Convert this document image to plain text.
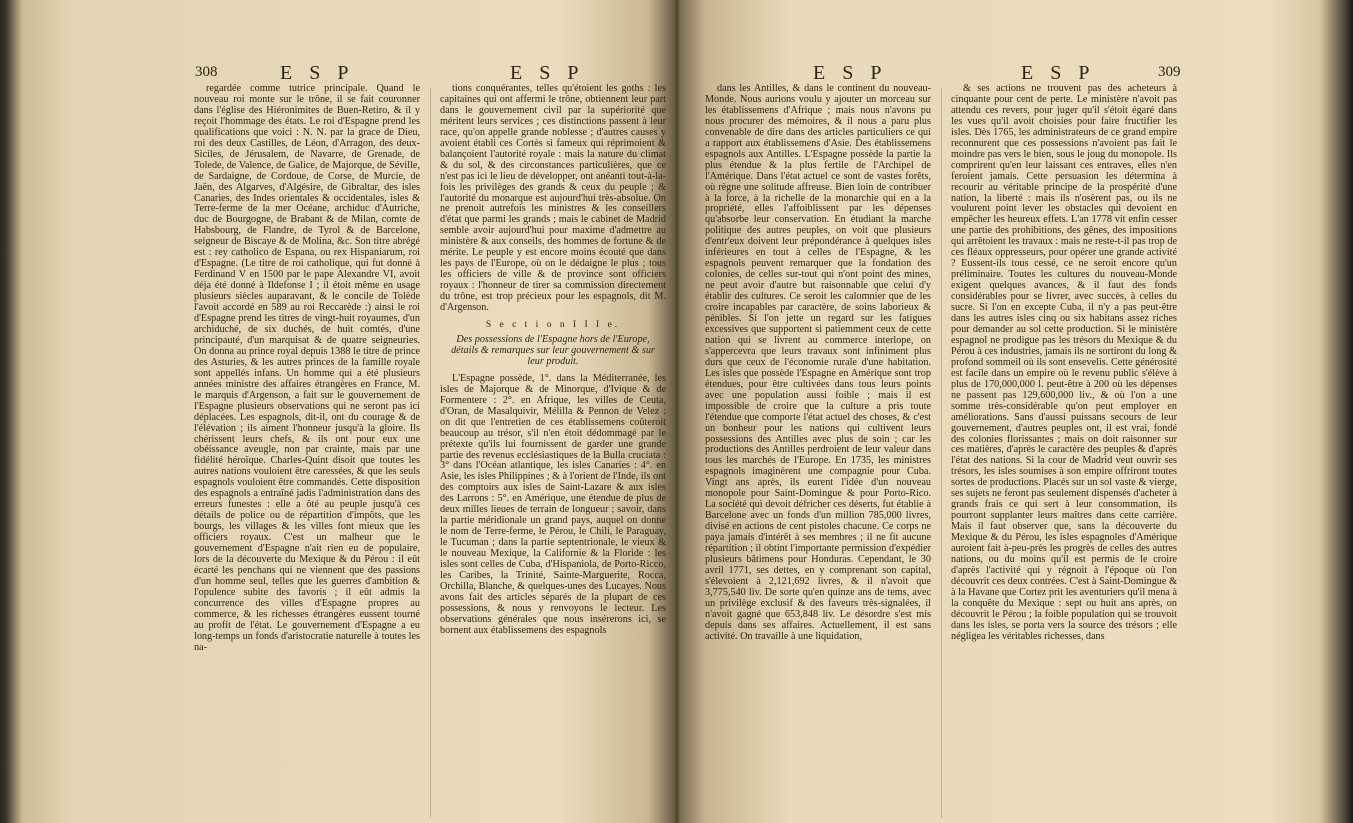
308	E S P	E S P

regardée comme tutrice principale. Quand le nouveau roi monte sur le trône, il se fait couronner dans l'église des Hiéronimites de Buen-Retiro, & il y reçoit l'hommage des états. Le roi d'Espagne prend les qualifications que voici : N. N. par la grace de Dieu, roi des deux Castilles, de Léon, d'Arragon, des deux-Siciles, de Jérusalem, de Navarre, de Grenade, de Tolede, de Valence, de Galice, de Majorque, de Séville, de Sardaigne, de Cordoue, de Corse, de Murcie, de Jaën, des Algarves, d'Algésire, de Gibraltar, des isles Canaries, des Indes orientales & occidentales, isles & Terre-ferme de la mer Océane, archiduc d'Autriche, duc de Bourgogne, de Brabant & de Milan, comte de Habsbourg, de Flandre, de Tyrol & de Barcelone, seigneur de Biscaye & de Molina, &c. Son titre abrégé est : rey catholico de Espana, ou rex Hispaniarum, roi d'Espagne. (Le titre de roi catholique, qui fut donné à Ferdinand V en 1500 par le pape Alexandre VI, avoit déja été donné à Ildefonse I ; il étoit même en usage plusieurs siècles auparavant, & le concile de Tolède l'avoit accordé en 589 au roi Reccarède :) ainsi le roi d'Espagne prend les titres de vingt-huit royaumes, d'un archiduché, de six duchés, de huit comtés, d'une principauté, d'un marquisat & de quatre seigneuries. On donna au prince royal depuis 1388 le titre de prince des Asturies, & les autres princes de la famille royale sont appellés infans. Un homme qui a été plusieurs années ministre des affaires étrangères en France, M. le marquis d'Argenson, a fait sur le gouvernement de l'Espagne plusieurs observations qui ne seront pas ici déplacées. Les espagnols, dit-il, ont du courage & de l'élévation ; ils aiment l'honneur jusqu'à la gloire. Ils chérissent leurs chefs, & ils ont pour eux une obéissance aveugle, non par crainte, mais par une fidélité héroïque. Charles-Quint disoit que toutes les autres nations vouloient être caressées, & que les seuls espagnols vouloient être commandés. Cette disposition des espagnols a entraîné jadis l'administration dans des erreurs funestes : elle a ôté au peuple jusqu'à ces détails de police ou de répartition d'impôts, que les bourgs, les villages & les villes font mieux que les officiers royaux. C'est un malheur que le gouvernement d'Espagne n'ait rien eu de populaire, lors de la découverte du Mexique & du Pérou : il eût écarté les penchans qui ne viennent que des passions d'un homme seul, telles que les guerres d'ambition & l'opulence subite des favoris ; il eût admis la concurrence des villes d'Espagne propres au commerce, & les richesses étrangères eussent tourné au profit de l'état. Le gouvernement d'Espagne a eu long-temps un fonds d'aristocratie naturelle à toutes les na-

tions conquérantes, telles qu'étoient les goths : les capitaines qui ont affermi le trône, obtiennent leur part dans le gouvernement civil par la supériorité que méritent leurs services ; ces distinctions passent à leur race, qu'on appelle grande noblesse ; d'autres causes y avoient établi ces Cortès si fameux qui réprimoient & balançoient l'autorité royale : mais la nature du climat & du sol, & des circonstances particulières, que ce n'est pas ici le lieu de développer, ont anéanti tout-à-la-fois les privilèges des grands & ceux du peuple ; & l'autorité du monarque est aujourd'hui très-absolue. On ne prenoit autrefois les ministres & les conseillers d'état que parmi les grands ; mais le cabinet de Madrid semble avoir aujourd'hui pour maxime d'admettre au ministère & aux conseils, des hommes de fortune & de mérite. Le peuple y est encore moins écouté que dans les pays de l'Europe, où on le dédaigne le plus ; tous les officiers de ville & de province sont officiers royaux : l'honneur de tirer sa commission directement du trône, est trop précieux pour les espagnols, dit M. d'Argenson.

S e c t i o n I I I e.

Des possessions de l'Espagne hors de l'Europe, détails & remarques sur leur gouvernement & sur leur produit.

L'Espagne possède, 1°. dans la Méditerranée, les isles de Majorque & de Minorque, d'Ivique & de Formentere : 2°. en Afrique, les villes de Ceuta, d'Oran, de Masalquivir, Mélilla & Pennon de Velez : on dit que l'entretien de ces établissemens coûteroit beaucoup au trésor, s'il n'en étoit dédommagé par le prétexte qu'ils lui fournissent de garder une grande partie des revenus ecclésiastiques de la Bulla cruciata : 3° dans l'Océan atlantique, les isles Canaries : 4°. en Asie, les isles Philippines ; & à l'orient de l'Inde, ils ont des comptoirs aux isles de Saint-Lazare & aux isles des Larrons : 5°. en Amérique, une étendue de plus de deux milles lieues de terrain de longueur ; savoir, dans la partie méridionale un grand pays, auquel on donne le nom de Terre-ferme, le Pérou, le Chili, le Paraguay, le Tucuman ; dans la partie septentrionale, le vieux & le nouveau Mexique, la Californie & la Floride : les isles sont celles de Cuba, d'Hispaniola, de Porto-Ricco, les Caribes, la Trinité, Sainte-Marguerite, Rocca, Orchilla, Blanche, & quelques-unes des Lucayes. Nous avons fait des articles séparés de la plupart de ces possessions, & nous y renvoyons le lecteur. Les observations générales que nous insérerons ici, se bornent aux établissemens des espagnols

E S P	E S P	309

dans les Antilles, & dans le continent du nouveau-Monde. Nous aurions voulu y ajouter un morceau sur les établissemens d'Afrique ; mais nous n'avons pu nous procurer des mémoires, & il nous a paru plus convenable de dire dans des articles particuliers ce qui a rapport aux établissemens d'Asie. Des établissemens espagnols aux Antilles. L'Espagne possède la partie la plus étendue & la plus fertile de l'Archipel de l'Amérique. Dans l'état actuel ce sont de vastes forêts, où règne une solitude affreuse. Bien loin de contribuer à la force, à la richelle de la monarchie qui en a la propriété, elles l'affoiblissent par les dépenses qu'absorbe leur conservation. En étudiant la marche politique des autres peuples, on voit que plusieurs d'entr'eux doivent leur prépondérance à quelques isles inférieures en tout à celles de l'Espagne, & les espagnols peuvent remarquer que la fondation des colonies, de celles sur-tout qui n'ont point des mines, ne peut avoir d'autre but raisonnable que celui d'y établir des cultures. Ce seroit les calomnier que de les croire incapables par caractère, de soins laborieux & pénibles. Si l'on jette un regard sur les fatigues excessives que supportent si patiemment ceux de cette nation qui se livrent au commerce interlope, on s'appercevra que leurs travaux sont infiniment plus durs que ceux de l'économie rurale d'une habitation. Les isles que possède l'Espagne en Amérique sont trop étendues, pour être cultivées dans tous leurs points avec une population aussi foible ; mais il est impossible de croire que la culture a pris toute l'étendue que comporte l'état actuel des choses, & c'est un bonheur pour les nations qui cultivent leurs possessions des Antilles avec plus de soin ; car les productions des Antilles perdroient de leur valeur dans tous les marchés de l'Europe. En 1735, les ministres espagnols imaginèrent une compagnie pour Cuba. Vingt ans après, ils eurent l'idée d'un nouveau monopole pour Saint-Domingue & pour Porto-Rico. La société qui devoit défricher ces déserts, fut établie à Barcelone avec un fonds d'un million 785,000 livres, divisé en actions de cent pistoles chacune. Ce corps ne paya jamais d'intérêt à ses membres ; il ne fit aucune répartition ; il obtint l'importante permission d'expédier plusieurs bâtimens pour Honduras. Cependant, le 30 avril 1771, ses dettes, en y comprenant son capital, s'élevoient à 2,121,692 livres, & il n'avoit que 3,775,540 liv. De sorte qu'en quinze ans de tems, avec un privilège exclusif & des faveurs très-signalées, il n'avoit gagné que 653,848 liv. Le désordre s'est mis depuis dans ses affaires. Actuellement, il est sans activité. On travaille à une liquidation,

& ses actions ne trouvent pas des acheteurs à cinquante pour cent de perte. Le ministère n'avoit pas attendu ces revers, pour juger qu'il s'étoit égaré dans les vues qu'il avoit choisies pour faire fructifier les isles. Dès 1765, les administrateurs de ce grand empire reconnurent que ces possessions n'avoient pas fait le moindre pas vers le bien, sous le joug du monopole. Ils comprirent qu'en leur laissant ces entraves, elles n'en feroient jamais. Cette persuasion les détermina à recourir au véritable principe de la prospérité d'une nation, la liberté : mais ils n'osèrent pas, ou ils ne voulurent point lever les obstacles qui devoient en empêcher les heureux effets. L'an 1778 vit enfin cesser une partie des prohibitions, des gênes, des impositions qui arrêtoient les travaux : mais ne reste-t-il pas trop de ces fléaux oppresseurs, pour opérer une grande activité ? Eussent-ils tous cessé, ce ne seroit encore qu'un préliminaire. Toutes les cultures du nouveau-Monde exigent quelques avances, & il faut des fonds considérables pour se livrer, avec succès, à celles du sucre. Si l'on en excepte Cuba, il n'y a pas peut-être dans les autres isles cinq ou six habitans assez riches pour demander au sol cette production. Si le ministère espagnol ne prodigue pas les trésors du Mexique & du Pérou à ces industries, jamais ils ne sortiront du long & profond sommeil où ils sont ensevelis. Cette générosité est facile dans un empire où le revenu public s'élève à plus de 170,000,000 l. peut-être à 200 où les dépenses ne passent pas 129,600,000 liv., & où l'on a une somme très-considérable qu'on peut employer en améliorations. Sans d'aussi puissans secours de leur gouvernement, d'autres peuples ont, il est vrai, fondé des colonies florissantes ; mais on doit raisonner sur ces matières, d'après le caractère des peuples & d'après l'état des nations. Si la cour de Madrid veut ouvrir ses trésors, les isles soumises à son empire offriront toutes sortes de productions. Placés sur un sol vaste & vierge, ses sujets ne feront pas seulement dispensés d'acheter à grands frais ce qui sert à leur consommation, ils pourront supplanter leurs maîtres dans cette carrière. Mais il faut observer que, sans la découverte du Mexique & du Pérou, les isles espagnoles d'Amérique auroient fait à-peu-près les progrès de celles des autres nations, ou du moins qu'il est permis de le croire d'après l'activité qui y régnoit à l'époque où l'on découvrit ces deux contrées. C'est à Saint-Domingue & à la Havane que Cortez prit les aventuriers qu'il mena à la conquête du Mexique : sept ou huit ans après, on découvrit le Pérou ; la foible population qui se trouvoit dans les isles, se porta vers la source des trésors ; elle négligea les véritables richesses, dans
